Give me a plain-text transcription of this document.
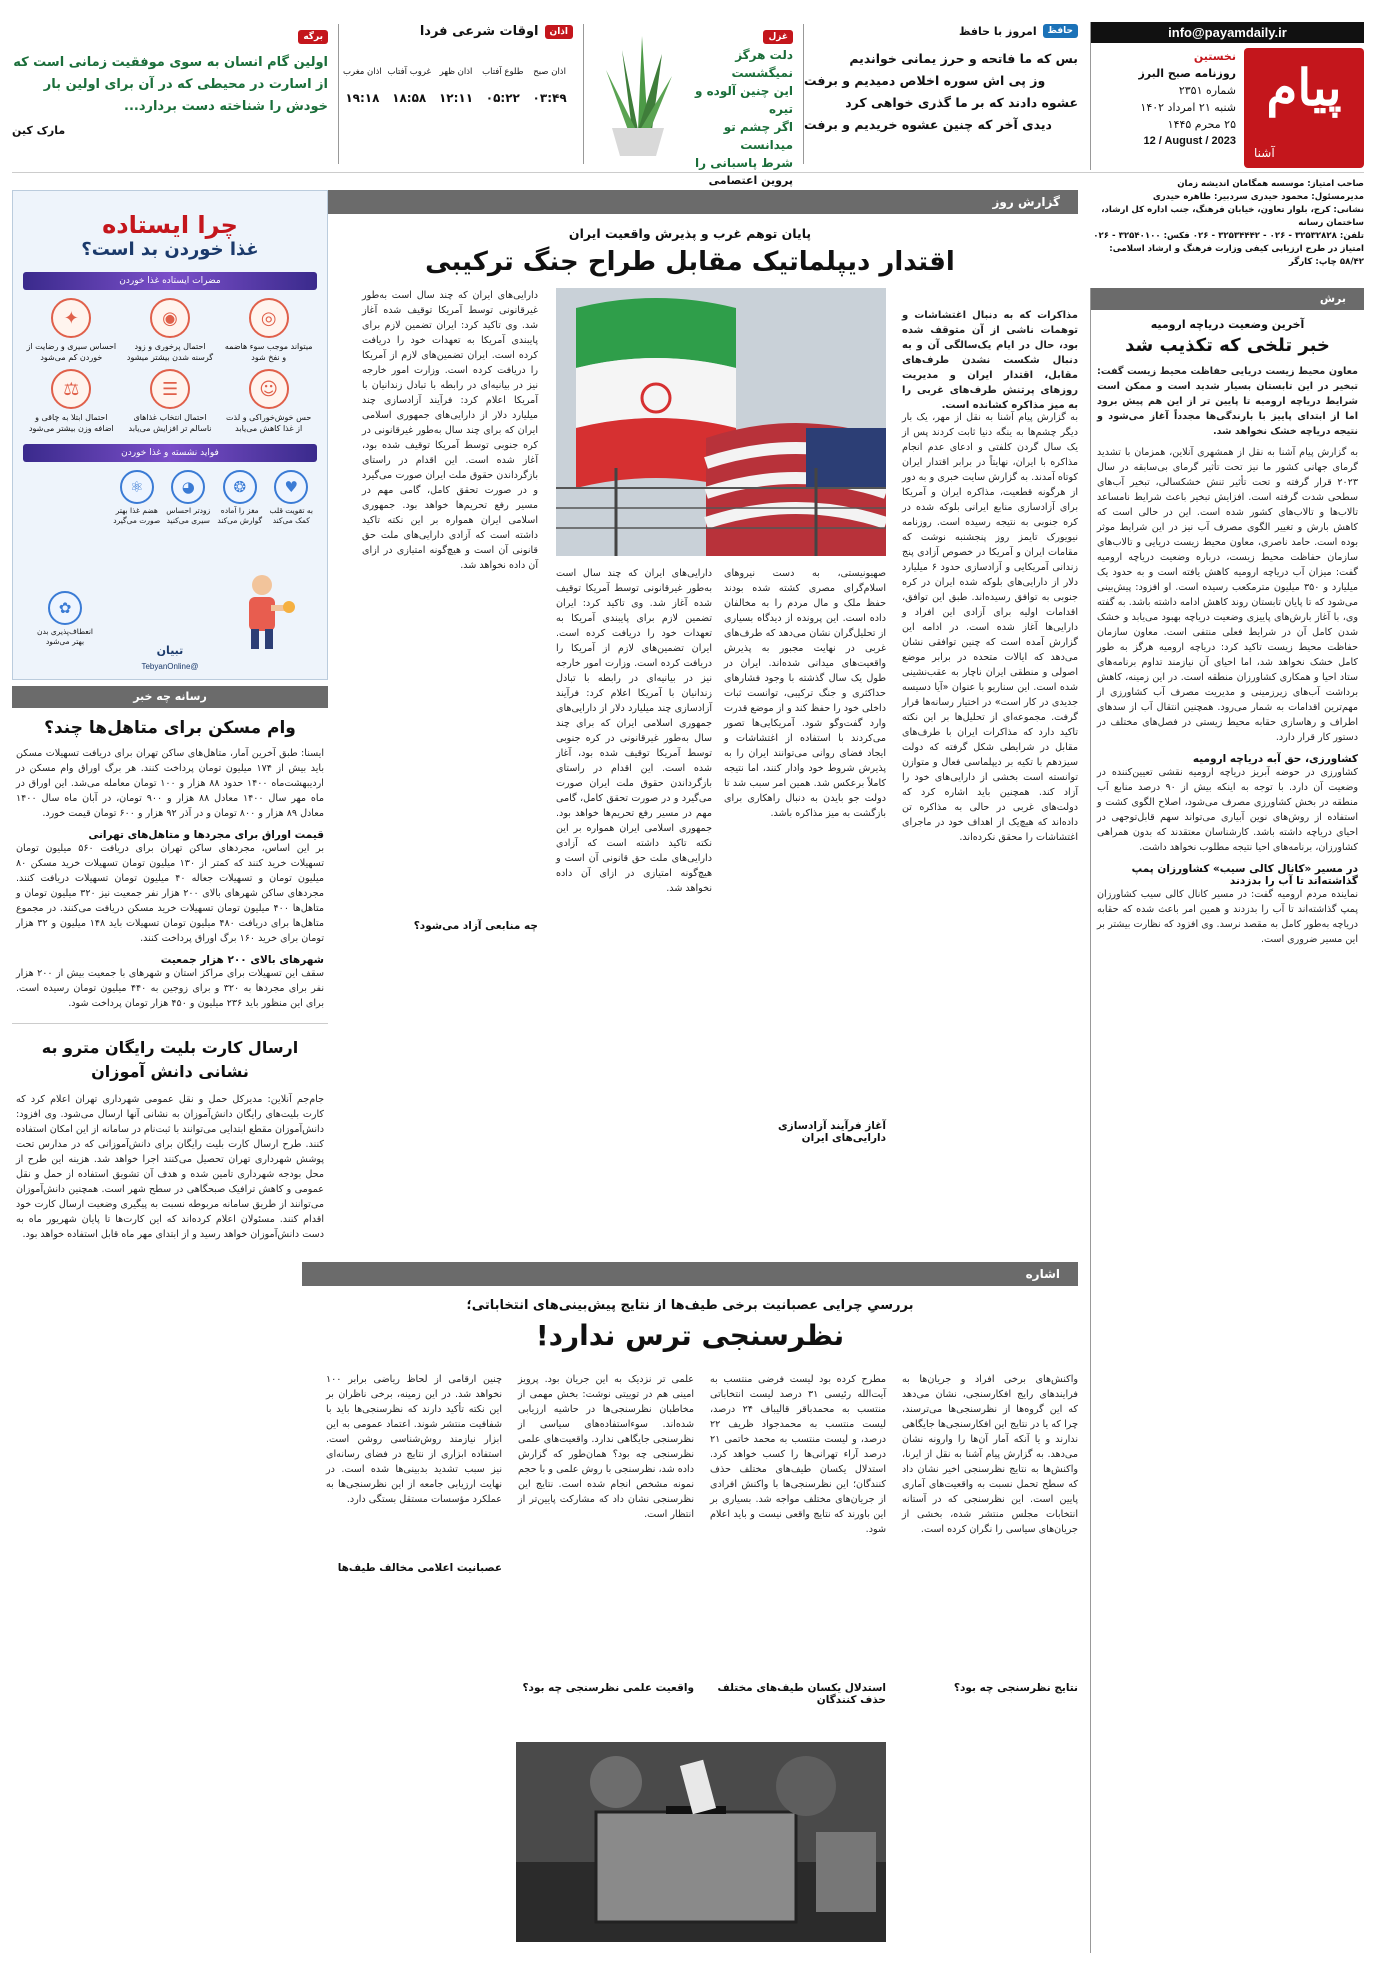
info@payamdaily.ir
پیام
آشنا
نخستین
روزنامه صبح البرز
شماره ۲۳۵۱
شنبه ۲۱ امرداد ۱۴۰۲
۲۵ محرم ۱۴۴۵
12 / August / 2023
حافظ
امروز با حافظ
بس که ما فاتحه و حرز یمانی خواندیم
وز پی اش سوره اخلاص دمیدیم و برفت
عشوه دادند که بر ما گذری خواهی کرد
دیدی آخر که چنین عشوه خریدیم و برفت
غزل
دلت هرگز نمیگشست
این چنین آلوده و تیره
اگر چشم تو میدانست
شرط پاسبانی را
پروین اعتصامی
اذان
اوقات شرعی فردا
اذان صبح
۰۳:۴۹
طلوع آفتاب
۰۵:۲۲
اذان ظهر
۱۲:۱۱
غروب آفتاب
۱۸:۵۸
اذان مغرب
۱۹:۱۸
برگه
اولین گام انسان به سوی موفقیت زمانی است که از اسارت در محیطی که در آن برای اولین بار خودش را شناخته دست بردارد...
مارک کین
صاحب امتیاز: موسسه همگامان اندیشه زمان
مدیرمسئول: محمود حیدری سردبیر: طاهره حیدری
نشانی: کرج، بلوار تعاون، خیابان فرهنگ، جنب اداره کل ارشاد، ساختمان رسانه
تلفن: ۳۲۵۳۲۸۲۸ - ۰۲۶ - ۳۲۵۳۴۴۴۲ - ۰۲۶ فکس: ۳۲۵۴۰۱۰۰ - ۰۲۶
امتیاز در طرح ارزیابی کیفی وزارت فرهنگ و ارشاد اسلامی: ۵۸/۴۲ چاپ: کارگر
برش
آخرین وضعیت دریاچه ارومیه
خبر تلخی که تکذیب شد
معاون محیط زیست دریایی حفاظت محیط زیست گفت: تبخیر در این تابستان بسیار شدید است و ممکن است شرایط دریاچه ارومیه تا پایین تر از این هم پیش برود اما از ابتدای پاییز با بارندگی‌ها مجدداً آغاز می‌شود و نتیجه دریاچه خشک نخواهد شد.
به گزارش پیام آشنا به نقل از همشهری آنلاین، همزمان با تشدید گرمای جهانی کشور ما نیز تحت تأثیر گرمای بی‌سابقه در سال ۲۰۲۳ قرار گرفته و تحت تأثیر تنش خشکسالی، تبخیر آب‌های سطحی شدت گرفته است. افزایش تبخیر باعث شرایط نامساعد تالاب‌ها و تالاب‌های کشور شده است. این در حالی است که کاهش بارش و تغییر الگوی مصرف آب نیز در این شرایط موثر بوده است. حامد ناصری، معاون محیط زیست دریایی و تالاب‌های سازمان حفاظت محیط زیست، درباره وضعیت دریاچه ارومیه گفت: میزان آب دریاچه ارومیه کاهش یافته است و به حدود یک میلیارد و ۳۵۰ میلیون مترمکعب رسیده است. او افزود: پیش‌بینی می‌شود که تا پایان تابستان روند کاهش ادامه داشته باشد. به گفته وی، با آغاز بارش‌های پاییزی وضعیت دریاچه بهبود می‌یابد و خشک شدن کامل آن در شرایط فعلی منتفی است. معاون سازمان حفاظت محیط زیست تاکید کرد: دریاچه ارومیه هرگز به طور کامل خشک نخواهد شد، اما احیای آن نیازمند تداوم برنامه‌های ستاد احیا و همکاری کشاورزان منطقه است. در این زمینه، کاهش برداشت آب‌های زیرزمینی و مدیریت مصرف آب کشاورزی از مهم‌ترین اقدامات به شمار می‌رود. همچنین انتقال آب از سدهای اطراف و رهاسازی حقابه محیط زیستی در فصل‌های مختلف در دستور کار قرار دارد.
کشاورزی، حق آبه دریاچه ارومیه
کشاورزی در حوضه آبریز دریاچه ارومیه نقشی تعیین‌کننده در وضعیت آن دارد. با توجه به اینکه بیش از ۹۰ درصد منابع آب منطقه در بخش کشاورزی مصرف می‌شود، اصلاح الگوی کشت و استفاده از روش‌های نوین آبیاری می‌تواند سهم قابل‌توجهی در احیای دریاچه داشته باشد. کارشناسان معتقدند که بدون همراهی کشاورزان، برنامه‌های احیا نتیجه مطلوب نخواهد داشت.
در مسیر «کانال کالی سیب» کشاورزان پمپ گذاشته‌اند تا آب را بدزدند
نماینده مردم ارومیه گفت: در مسیر کانال کالی سیب کشاورزان پمپ گذاشته‌اند تا آب را بدزدند و همین امر باعث شده که حقابه دریاچه به‌طور کامل به مقصد نرسد. وی افزود که نظارت بیشتر بر این مسیر ضروری است.
گزارش روز
پایان توهم غرب و پذیرش واقعیت ایران
اقتدار دیپلماتیک مقابل طراح جنگ ترکیبی
مذاکرات که به دنبال اغتشاشات و توهمات ناشی از آن متوقف شده بود، حال در ایام یک‌سالگی آن و به دنبال شکست نشدن طرف‌های مقابل، اقتدار ایران و مدیریت روزهای پرتنش طرف‌های غربی را به میز مذاکره کشانده است.
به گزارش پیام آشنا به نقل از مهر، یک بار دیگر چشم‌ها به ینگه دنیا ثابت کردند پس از یک سال گردن کلفتی و ادعای عدم انجام مذاکره با ایران، نهایتاً در برابر اقتدار ایران کوتاه آمدند. به گزارش سایت خبری و به دور از هرگونه قطعیت، مذاکره ایران و آمریکا برای آزادسازی منابع ایرانی بلوکه شده در کره جنوبی به نتیجه رسیده است. روزنامه نیویورک تایمز روز پنجشنبه نوشت که مقامات ایران و آمریکا در خصوص آزادی پنج زندانی آمریکایی و آزادسازی حدود ۶ میلیارد دلار از دارایی‌های بلوکه شده ایران در کره جنوبی به توافق رسیده‌اند. طبق این توافق، اقدامات اولیه برای آزادی این افراد و دارایی‌ها آغاز شده است. در ادامه این گزارش آمده است که چنین توافقی نشان می‌دهد که ایالات متحده در برابر موضع اصولی و منطقی ایران ناچار به عقب‌نشینی شده است. این سناریو با عنوان «آیا دسیسه جدیدی در کار است» در اختیار رسانه‌ها قرار گرفت. مجموعه‌ای از تحلیل‌ها بر این نکته تاکید دارد که مذاکرات ایران با طرف‌های مقابل در شرایطی شکل گرفته که دولت سیزدهم با تکیه بر دیپلماسی فعال و متوازن توانسته است بخشی از دارایی‌های خود را آزاد کند. همچنین باید اشاره کرد که دولت‌های غربی در حالی به مذاکره تن داده‌اند که هیچ‌یک از اهداف خود در ماجرای اغتشاشات را محقق نکرده‌اند.
صهیونیستی، به دست نیروهای اسلام‌گرای مصری کشته شده بودند حفظ ملک و مال مردم را به مخالفان داده است. این پرونده از دیدگاه بسیاری از تحلیل‌گران نشان می‌دهد که طرف‌های غربی در نهایت مجبور به پذیرش واقعیت‌های میدانی شده‌اند. ایران در طول یک سال گذشته با وجود فشارهای حداکثری و جنگ ترکیبی، توانست ثبات داخلی خود را حفظ کند و از موضع قدرت وارد گفت‌وگو شود. آمریکایی‌ها تصور می‌کردند با استفاده از اغتشاشات و ایجاد فضای روانی می‌توانند ایران را به پذیرش شروط خود وادار کنند، اما نتیجه کاملاً برعکس شد. همین امر سبب شد تا دولت جو بایدن به دنبال راهکاری برای بازگشت به میز مذاکره باشد.
آغاز فرآیند آزادسازی دارایی‌های ایران
دارایی‌های ایران که چند سال است به‌طور غیرقانونی توسط آمریکا توقیف شده آغاز شد. وی تاکید کرد: ایران تضمین لازم برای پایبندی آمریکا به تعهدات خود را دریافت کرده است. ایران تضمین‌های لازم از آمریکا را دریافت کرده است. وزارت امور خارجه نیز در بیانیه‌ای در رابطه با تبادل زندانیان با آمریکا اعلام کرد: فرآیند آزادسازی چند میلیارد دلار از دارایی‌های جمهوری اسلامی ایران که برای چند سال به‌طور غیرقانونی در کره جنوبی توسط آمریکا توقیف شده بود، آغاز شده است. این اقدام در راستای بازگرداندن حقوق ملت ایران صورت می‌گیرد و در صورت تحقق کامل، گامی مهم در مسیر رفع تحریم‌ها خواهد بود. جمهوری اسلامی ایران همواره بر این نکته تاکید داشته است که آزادی دارایی‌های ملت حق قانونی آن است و هیچ‌گونه امتیازی در ازای آن داده نخواهد شد.
چه منابعی آزاد می‌شود؟
دارایی‌های ایران که چند سال است به‌طور غیرقانونی توسط آمریکا توقیف شده آغاز شد. وی تاکید کرد: ایران تضمین لازم برای پایبندی آمریکا به تعهدات خود را دریافت کرده است. ایران تضمین‌های لازم از آمریکا را دریافت کرده است. وزارت امور خارجه نیز در بیانیه‌ای در رابطه با تبادل زندانیان با آمریکا اعلام کرد: فرآیند آزادسازی چند میلیارد دلار از دارایی‌های جمهوری اسلامی ایران که برای چند سال به‌طور غیرقانونی در کره جنوبی توسط آمریکا توقیف شده بود، آغاز شده است. این اقدام در راستای بازگرداندن حقوق ملت ایران صورت می‌گیرد و در صورت تحقق کامل، گامی مهم در مسیر رفع تحریم‌ها خواهد بود. جمهوری اسلامی ایران همواره بر این نکته تاکید داشته است که آزادی دارایی‌های ملت حق قانونی آن است و هیچ‌گونه امتیازی در ازای آن داده نخواهد شد.
اشاره
بررسیِ چرایی عصبانیت برخی طیف‌ها از نتایج پیش‌بینی‌های انتخاباتی؛
نظرسنجی ترس ندارد!
واکنش‌های برخی افراد و جریان‌ها به فرایندهای رایج افکارسنجی، نشان می‌دهد که این گروه‌ها از نظرسنجی‌ها می‌ترسند، چرا که یا در نتایج این افکارسنجی‌ها جایگاهی ندارند و یا آنکه آمار آن‌ها را وارونه نشان می‌دهد. به گزارش پیام آشنا به نقل از ایرنا، واکنش‌ها به نتایج نظرسنجی اخیر نشان داد که سطح تحمل نسبت به واقعیت‌های آماری پایین است. این نظرسنجی که در آستانه انتخابات مجلس منتشر شده، بخشی از جریان‌های سیاسی را نگران کرده است.
نتایج نظرسنجی چه بود؟
مطرح کرده بود لیست فرضی منتسب به آیت‌الله رئیسی ۳۱ درصد لیست انتخاباتی منتسب به محمدباقر قالیباف ۲۴ درصد، لیست منتسب به محمدجواد ظریف ۲۲ درصد، و لیست منتسب به محمد خاتمی ۲۱ درصد آراء تهرانی‌ها را کسب خواهد کرد. استدلال یکسان طیف‌های مختلف حذف کنندگان؛ این نظرسنجی‌ها با واکنش افرادی از جریان‌های مختلف مواجه شد. بسیاری بر این باورند که نتایج واقعی نیست و باید اعلام شود.
استدلال یکسان طیف‌های مختلف حذف کنندگان
علمی تر نزدیک به این جریان بود. پرویز امینی هم در توییتی نوشت: بخش مهمی از مخاطبان نظرسنجی‌ها در حاشیه ارزیابی شده‌اند. سوءاستفاده‌های سیاسی از نظرسنجی جایگاهی ندارد. واقعیت‌های علمی نظرسنجی چه بود؟ همان‌طور که گزارش داده شد، نظرسنجی با روش علمی و با حجم نمونه مشخص انجام شده است. نتایج این نظرسنجی نشان داد که مشارکت پایین‌تر از انتظار است.
واقعیت علمی نظرسنجی چه بود؟
چنین ارقامی از لحاظ ریاضی برابر ۱۰۰ نخواهد شد. در این زمینه، برخی ناظران بر این نکته تأکید دارند که نظرسنجی‌ها باید با شفافیت منتشر شوند. اعتماد عمومی به این ابزار نیازمند روش‌شناسی روشن است. استفاده ابزاری از نتایج در فضای رسانه‌ای نیز سبب تشدید بدبینی‌ها شده است. در نهایت ارزیابی جامعه از این نظرسنجی‌ها به عملکرد مؤسسات مستقل بستگی دارد.
عصبانیت اعلامی مخالف طیف‌ها
چرا ایستاده
غذا خوردن بد است؟
مضرات ایستاده غذا خوردن
◎
میتواند موجب سوء هاضمه و نفخ شود
◉
احتمال پرخوری و زود گرسنه شدن بیشتر میشود
✦
احساس سیری و رضایت از خوردن کم می‌شود
☺
حس خوش‌خوراکی و لذت از غذا کاهش می‌یابد
☰
احتمال انتخاب غذاهای ناسالم تر افزایش می‌یابد
⚖
احتمال ابتلا به چاقی و اضافه وزن بیشتر می‌شود
فواید نشسته و غذا خوردن
♥
به تقویت قلب کمک می‌کند
❂
مغز را آماده گوارش می‌کند
◕
زودتر احساس سیری می‌کنید
⚛
هضم غذا بهتر صورت می‌گیرد
✿
انعطاف‌پذیری بدن بهتر می‌شود
تبیان
@TebyanOnline
رسانه چه خبر
وام مسکن برای متاهل‌ها چند؟
ایسنا: طبق آخرین آمار، متاهل‌های ساکن تهران برای دریافت تسهیلات مسکن باید بیش از ۱۷۴ میلیون تومان پرداخت کنند. هر برگ اوراق وام مسکن در اردیبهشت‌ماه ۱۴۰۰ حدود ۸۸ هزار و ۱۰۰ تومان معامله می‌شد. این اوراق در ماه مهر سال ۱۴۰۰ معادل ۸۸ هزار و ۹۰۰ تومان، در آبان ماه سال ۱۴۰۰ معادل ۸۹ هزار و ۸۰۰ تومان و در آذر ۹۲ هزار و ۶۰۰ تومان قیمت خورد.
قیمت اوراق برای مجردها و متاهل‌های تهرانی
بر این اساس، مجردهای ساکن تهران برای دریافت ۵۶۰ میلیون تومان تسهیلات خرید کنند که کمتر از ۱۳۰ میلیون تومان تسهیلات خرید مسکن ۸۰ میلیون تومان و تسهیلات جعاله ۴۰ میلیون تومان تسهیلات دریافت کنند. مجردهای ساکن شهرهای بالای ۲۰۰ هزار نفر جمعیت نیز ۳۲۰ میلیون تومان و متاهل‌ها ۴۰۰ میلیون تومان تسهیلات خرید مسکن دریافت می‌کنند. در مجموع متاهل‌ها برای دریافت ۴۸۰ میلیون تومان تسهیلات باید ۱۴۸ میلیون و ۳۲ هزار تومان برای خرید ۱۶۰ برگ اوراق پرداخت کنند.
شهرهای بالای ۲۰۰ هزار جمعیت
سقف این تسهیلات برای مراکز استان و شهرهای با جمعیت بیش از ۲۰۰ هزار نفر برای مجردها به ۳۲۰ و برای زوجین به ۴۴۰ میلیون تومان رسیده است. برای این منظور باید ۲۳۶ میلیون و ۴۵۰ هزار تومان پرداخت شود.
ارسال کارت بلیت رایگان مترو به نشانی دانش آموزان
جام‌جم آنلاین: مدیرکل حمل و نقل عمومی شهرداری تهران اعلام کرد که کارت بلیت‌های رایگان دانش‌آموزان به نشانی آنها ارسال می‌شود. وی افزود: دانش‌آموزان مقطع ابتدایی می‌توانند با ثبت‌نام در سامانه از این امکان استفاده کنند. طرح ارسال کارت بلیت رایگان برای دانش‌آموزانی که در مدارس تحت پوشش شهرداری تهران تحصیل می‌کنند اجرا خواهد شد. هزینه این طرح از محل بودجه شهرداری تامین شده و هدف آن تشویق استفاده از حمل و نقل عمومی و کاهش ترافیک صبحگاهی در سطح شهر است. همچنین دانش‌آموزان می‌توانند از طریق سامانه مربوطه نسبت به پیگیری وضعیت ارسال کارت خود اقدام کنند. مسئولان اعلام کرده‌اند که این کارت‌ها تا پایان شهریور ماه به دست دانش‌آموزان خواهد رسید و از ابتدای مهر ماه قابل استفاده خواهد بود.
